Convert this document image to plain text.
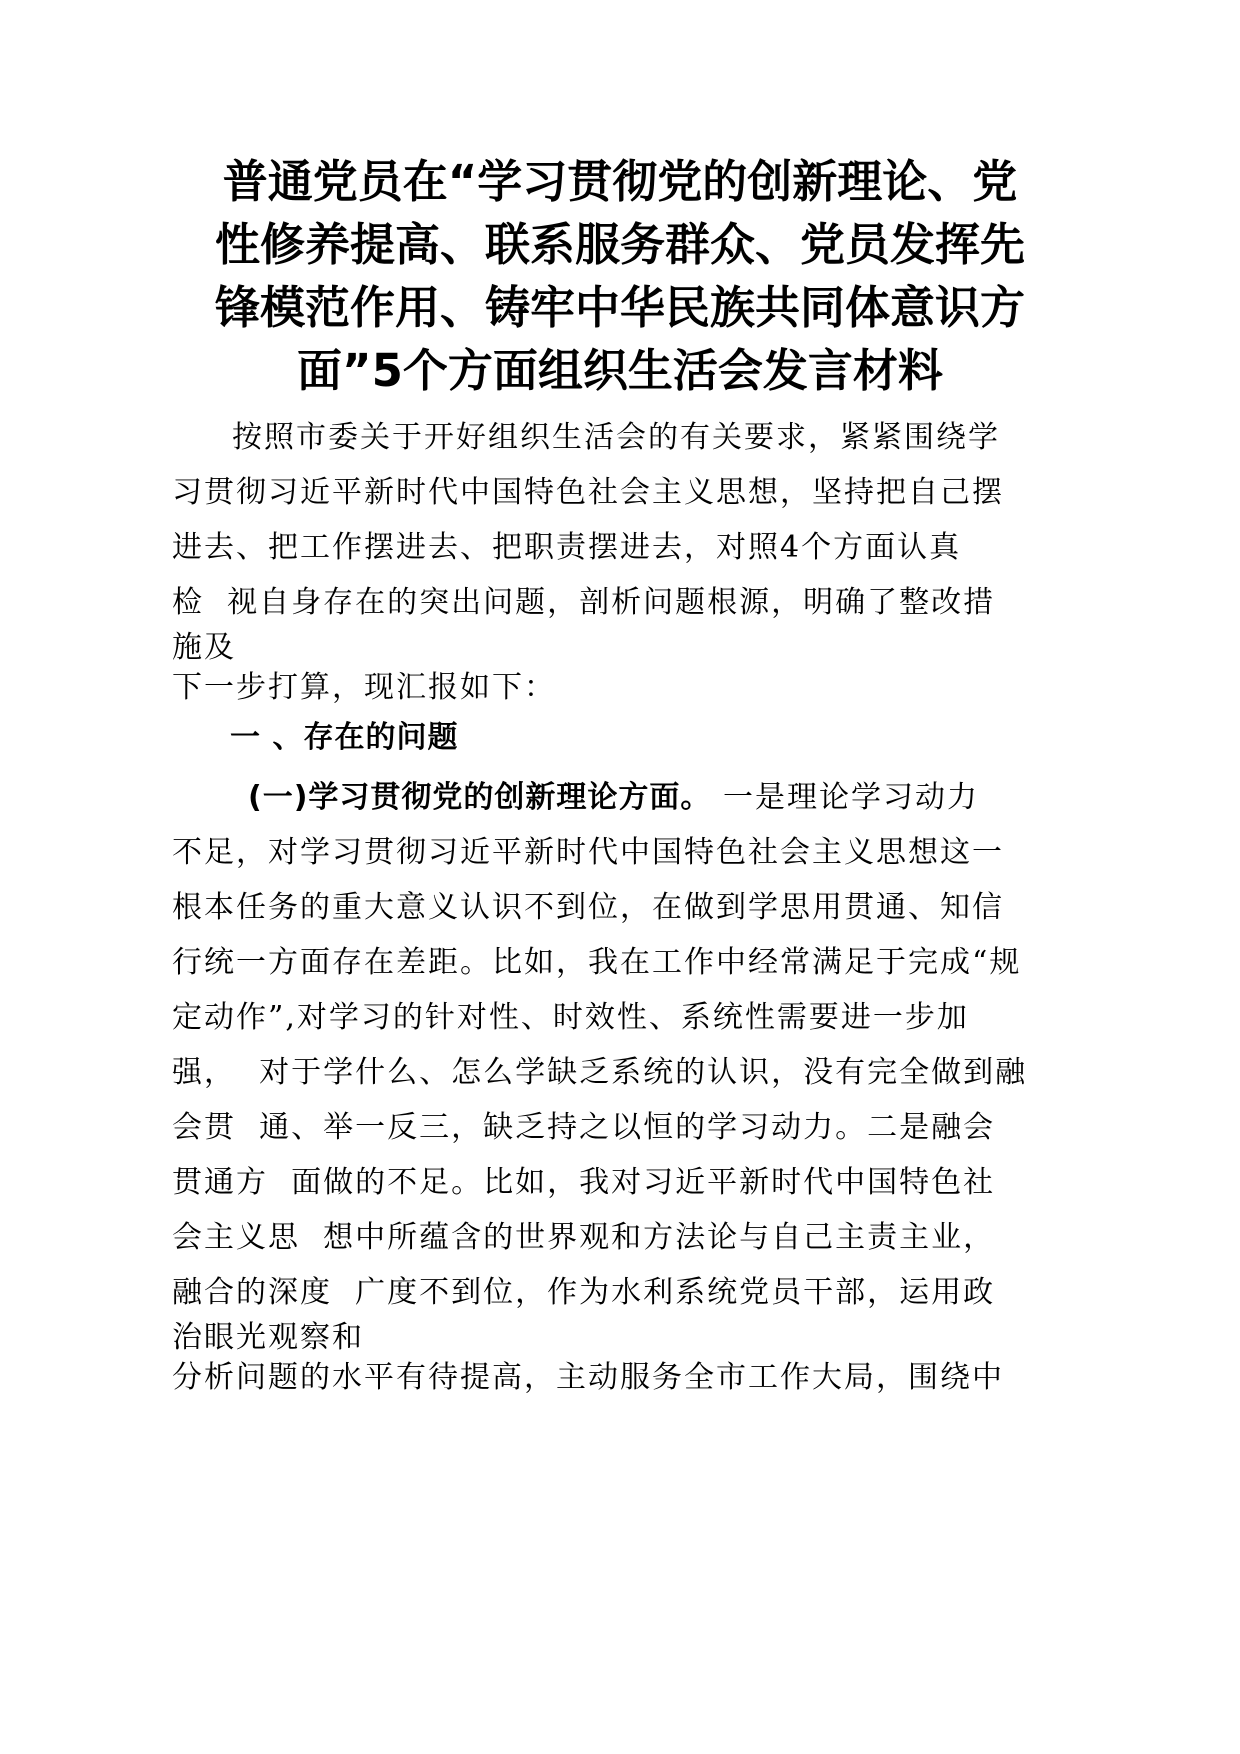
普通党员在“学习贯彻党的创新理论、党
性修养提高、联系服务群众、党员发挥先
锋模范作用、铸牢中华民族共同体意识方
面”5个方面组织生活会发言材料
按照市委关于开好组织生活会的有关要求，紧紧围绕学
习贯彻习近平新时代中国特色社会主义思想，坚持把自己摆
进去、把工作摆进去、把职责摆进去，对照4个方面认真
检  视自身存在的突出问题，剖析问题根源，明确了整改措
施及
下一步打算，现汇报如下：
一 、存在的问题
(一)学习贯彻党的创新理论方面。 一是理论学习动力
不足，对学习贯彻习近平新时代中国特色社会主义思想这一
根本任务的重大意义认识不到位，在做到学思用贯通、知信
行统一方面存在差距。比如，我在工作中经常满足于完成“规
定动作”,对学习的针对性、时效性、系统性需要进一步加
强，  对于学什么、怎么学缺乏系统的认识，没有完全做到融
会贯  通、举一反三，缺乏持之以恒的学习动力。二是融会
贯通方  面做的不足。比如，我对习近平新时代中国特色社
会主义思  想中所蕴含的世界观和方法论与自己主责主业，
融合的深度  广度不到位，作为水利系统党员干部，运用政
治眼光观察和
分析问题的水平有待提高，主动服务全市工作大局，围绕中
